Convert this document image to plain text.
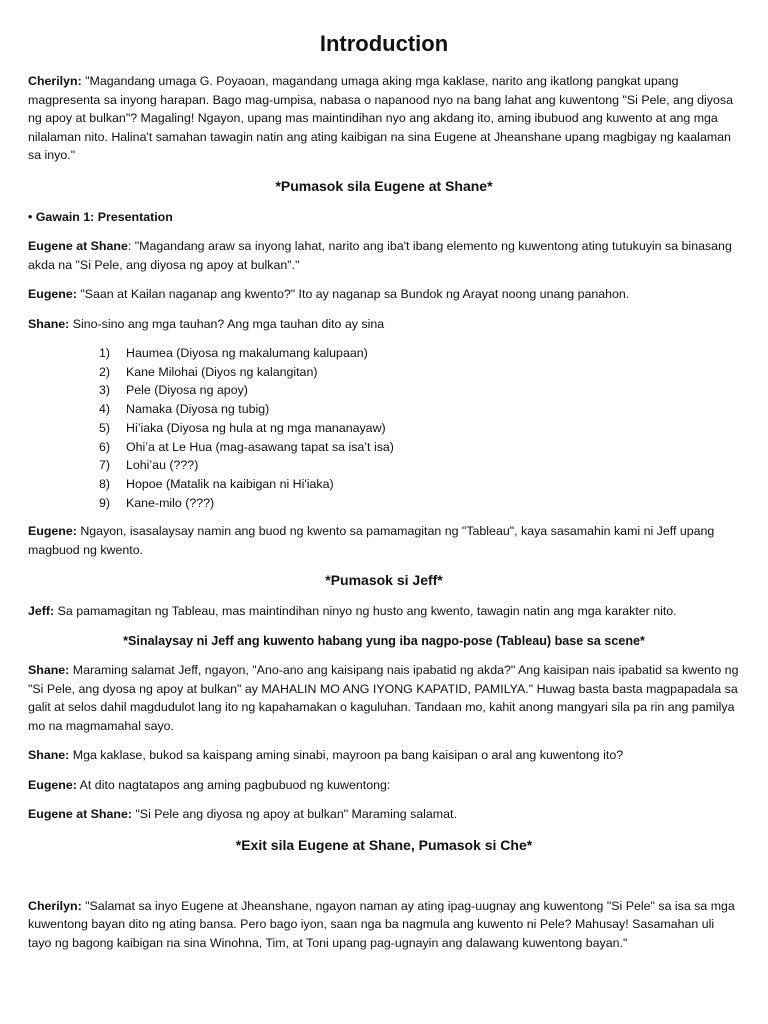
Introduction

Cherilyn: "Magandang umaga G. Poyaoan, magandang umaga aking mga kaklase, narito ang ikatlong pangkat upang magpresenta sa inyong harapan. Bago mag-umpisa, nabasa o napanood nyo na bang lahat ang kuwentong "Si Pele, ang diyosa ng apoy at bulkan"? Magaling! Ngayon, upang mas maintindihan nyo ang akdang ito, aming ibubuod ang kuwento at ang mga nilalaman nito. Halina't samahan tawagin natin ang ating kaibigan na sina Eugene at Jheanshane upang magbigay ng kaalaman sa inyo."

*Pumasok sila Eugene at Shane*
• Gawain 1: Presentation

Eugene at Shane: "Magandang araw sa inyong lahat, narito ang iba't ibang elemento ng kuwentong ating tutukuyin sa binasang akda na "Si Pele, ang diyosa ng apoy at bulkan"."

Eugene: "Saan at Kailan naganap ang kwento?" Ito ay naganap sa Bundok ng Arayat noong unang panahon.

Shane: Sino-sino ang mga tauhan? Ang mga tauhan dito ay sina

1)	Haumea (Diyosa ng makalumang kalupaan)
2)	Kane Milohai (Diyos ng kalangitan)
3)	Pele (Diyosa ng apoy)
4)	Namaka (Diyosa ng tubig)
5)	Hi’iaka (Diyosa ng hula at ng mga mananayaw)
6)	Ohi’a at Le Hua (mag-asawang tapat sa isa’t isa)
7)	Lohi’au (???)
8)	Hopoe (Matalik na kaibigan ni Hi'iaka)
9)	Kane-milo (???)

Eugene: Ngayon, isasalaysay namin ang buod ng kwento sa pamamagitan ng "Tableau", kaya sasamahin kami ni Jeff upang magbuod ng kwento.

*Pumasok si Jeff*

Jeff: Sa pamamagitan ng Tableau, mas maintindihan ninyo ng husto ang kwento, tawagin natin ang mga karakter nito.

*Sinalaysay ni Jeff ang kuwento habang yung iba nagpo-pose (Tableau) base sa scene*

Shane: Maraming salamat Jeff, ngayon, "Ano-ano ang kaisipang nais ipabatid ng akda?" Ang kaisipan nais ipabatid sa kwento ng "Si Pele, ang dyosa ng apoy at bulkan" ay MAHALIN MO ANG IYONG KAPATID, PAMILYA." Huwag basta basta magpapadala sa galit at selos dahil magdudulot lang ito ng kapahamakan o kaguluhan. Tandaan mo, kahit anong mangyari sila pa rin ang pamilya mo na magmamahal sayo.

Shane: Mga kaklase, bukod sa kaispang aming sinabi, mayroon pa bang kaisipan o aral ang kuwentong ito?

Eugene: At dito nagtatapos ang aming pagbubuod ng kuwentong:

Eugene at Shane: "Si Pele ang diyosa ng apoy at bulkan" Maraming salamat.

*Exit sila Eugene at Shane, Pumasok si Che*

Cherilyn: "Salamat sa inyo Eugene at Jheanshane, ngayon naman ay ating ipag-uugnay ang kuwentong "Si Pele" sa isa sa mga kuwentong bayan dito ng ating bansa. Pero bago iyon, saan nga ba nagmula ang kuwento ni Pele? Mahusay! Sasamahan uli tayo ng bagong kaibigan na sina Winohna, Tim, at Toni upang pag-ugnayin ang dalawang kuwentong bayan."
